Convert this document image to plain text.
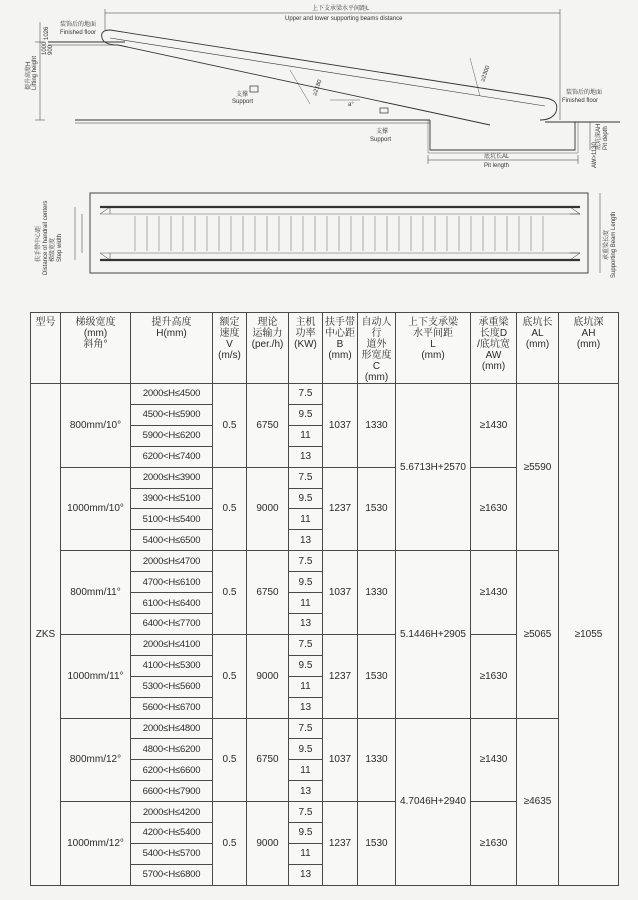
上下支承梁水平间距L
Upper and lower supporting beams distance
装饰后的地面
Finished floor
提升高度H Lifting height
1000 900
1026
支撑
Support	a°
支撑
Support
≥2180
≥2300
装饰后的地面
Finished floor
底坑长AL
Pit length
底坑深AH Pit depth
AW>1130
扶手带中心距 Distance of handrail centers 梯级宽度 Step width	承重梁长度 Supporting Beam Length
型号	梯级宽度
(mm)
斜角°	提升高度
H(mm)	额定
速度
V
(m/s)	理论
运输力
(per./h)	主机
功率
(KW)	扶手带
中心距
B
(mm)	自动人行
道外
形宽度
C
(mm)	上下支承梁
水平间距
L
(mm)	承重梁
长度D
/底坑宽
AW
(mm)	底坑长
AL
(mm)	底坑深
AH
(mm)

ZKS	800mm/10°	2000≤H≤4500	0.5	6750	7.5	1037	1330	5.6713H+2570	≥1430	≥5590	≥1055
		4500<H≤5900			9.5						
		5900<H≤6200			11						
		6200<H≤7400			13						
	1000mm/10°	2000≤H≤3900	0.5	9000	7.5	1237	1530		≥1630		
		3900<H≤5100			9.5						
		5100<H≤5400			11						
		5400<H≤6500			13						
	800mm/11°	2000≤H≤4700	0.5	6750	7.5	1037	1330	5.1446H+2905	≥1430	≥5065	
		4700<H≤6100			9.5						
		6100<H≤6400			11						
		6400<H≤7700			13						
	1000mm/11°	2000≤H≤4100	0.5	9000	7.5	1237	1530		≥1630		
		4100<H≤5300			9.5						
		5300<H≤5600			11						
		5600<H≤6700			13						
	800mm/12°	2000≤H≤4800	0.5	6750	7.5	1037	1330	4.7046H+2940	≥1430	≥4635	
		4800<H≤6200			9.5						
		6200<H≤6600			11						
		6600<H≤7900			13						
	1000mm/12°	2000≤H≤4200	0.5	9000	7.5	1237	1530		≥1630		
		4200<H≤5400			9.5						
		5400<H≤5700			11						
		5700<H≤6800			13						
